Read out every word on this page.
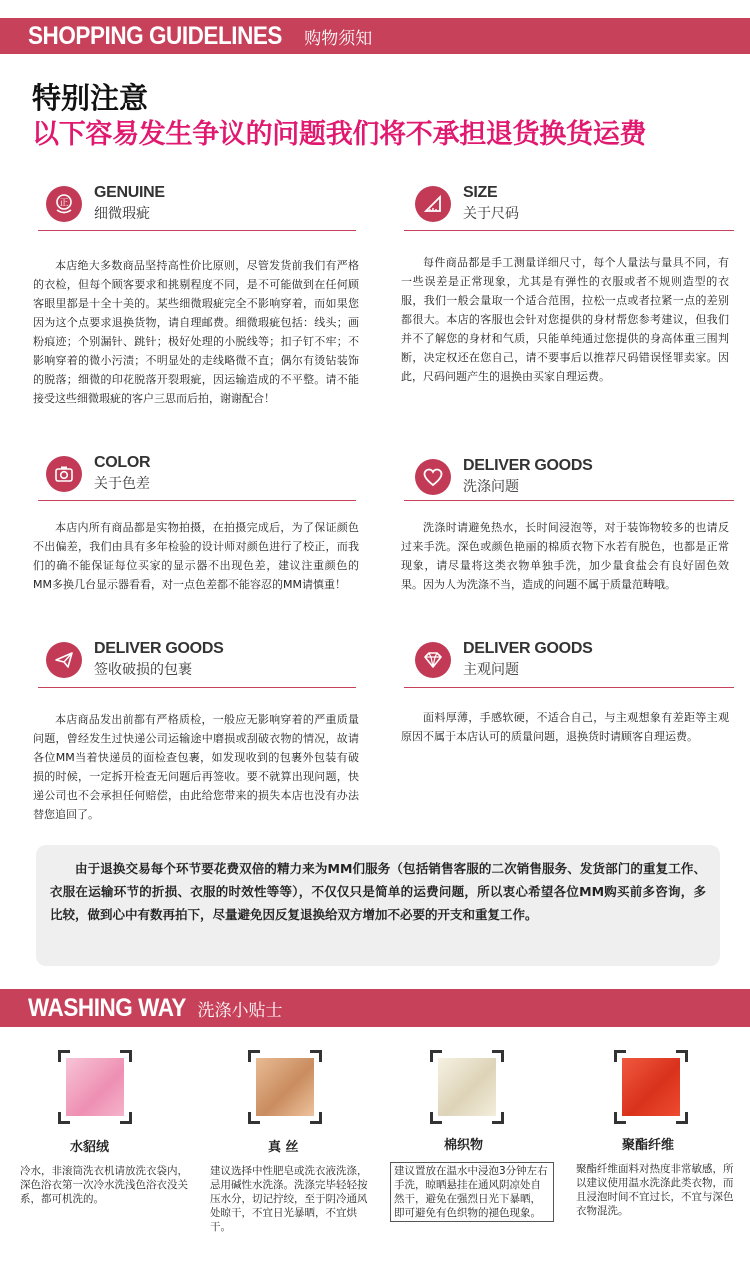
SHOPPING GUIDELINES 购物须知
特别注意
以下容易发生争议的问题我们将不承担退货换货运费
正
GENUINE
细微瑕疵
本店绝大多数商品坚持高性价比原则，尽管发货前我们有严格的衣检，但每个顾客要求和挑剔程度不同，是不可能做到在任何顾客眼里都是十全十美的。某些细微瑕疵完全不影响穿着，而如果您因为这个点要求退换货物，请自理邮费。细微瑕疵包括：线头；画粉痕迹；个别漏针、跳针；极好处理的小脱线等；扣子钉不牢；不影响穿着的微小污渍；不明显处的走线略微不直；偶尔有烫钻装饰的脱落；细微的印花脱落开裂瑕疵，因运输造成的不平整。请不能接受这些细微瑕疵的客户三思而后拍，谢谢配合！
SIZE
关于尺码
每件商品都是手工测量详细尺寸，每个人量法与量具不同，有一些误差是正常现象，尤其是有弹性的衣服或者不规则造型的衣服，我们一般会量取一个适合范围，拉松一点或者拉紧一点的差别都很大。本店的客服也会针对您提供的身材帮您参考建议，但我们并不了解您的身材和气质，只能单纯通过您提供的身高体重三围判断，决定权还在您自己，请不要事后以推荐尺码错误怪罪卖家。因此，尺码问题产生的退换由买家自理运费。
COLOR
关于色差
本店内所有商品都是实物拍摄，在拍摄完成后，为了保证颜色不出偏差，我们由具有多年检验的设计师对颜色进行了校正，而我们的确不能保证每位买家的显示器不出现色差，建议注重颜色的MM多换几台显示器看看，对一点色差都不能容忍的MM请慎重！
DELIVER GOODS
洗涤问题
洗涤时请避免热水，长时间浸泡等，对于装饰物较多的也请反过来手洗。深色或颜色艳丽的棉质衣物下水若有脱色，也都是正常现象，请尽量将这类衣物单独手洗，加少量食盐会有良好固色效果。因为人为洗涤不当，造成的问题不属于质量范畴哦。
DELIVER GOODS
签收破损的包裹
本店商品发出前都有严格质检，一般应无影响穿着的严重质量问题，曾经发生过快递公司运输途中磨损或刮破衣物的情况，故请各位MM当着快递员的面检查包裹，如发现收到的包裹外包装有破损的时候，一定拆开检查无问题后再签收。要不就算出现问题，快递公司也不会承担任何赔偿，由此给您带来的损失本店也没有办法替您追回了。
DELIVER GOODS
主观问题
面料厚薄，手感软硬，不适合自己，与主观想象有差距等主观原因不属于本店认可的质量问题，退换货时请顾客自理运费。
由于退换交易每个环节要花费双倍的精力来为MM们服务（包括销售客服的二次销售服务、发货部门的重复工作、衣服在运输环节的折损、衣服的时效性等等），不仅仅只是简单的运费问题，所以衷心希望各位MM购买前多咨询，多比较，做到心中有数再拍下，尽量避免因反复退换给双方增加不必要的开支和重复工作。
WASHING WAY 洗涤小贴士
水貂绒
冷水，非滚筒洗衣机请放洗衣袋内，深色浴衣第一次冷水洗浅色浴衣没关系，都可机洗的。
真 丝
建议选择中性肥皂或洗衣液洗涤，忌用碱性水洗涤。洗涤完毕轻轻按压水分，切记拧绞，至于阴冷通风处晾干，不宜日光暴晒，不宜烘干。
棉织物
建议置放在温水中浸泡3分钟左右手洗，晾晒悬挂在通风阴凉处自然干，避免在强烈日光下暴晒，即可避免有色织物的褪色现象。
聚酯纤维
聚酯纤维面料对热度非常敏感，所以建议使用温水洗涤此类衣物，而且浸泡时间不宜过长，不宜与深色衣物混洗。
